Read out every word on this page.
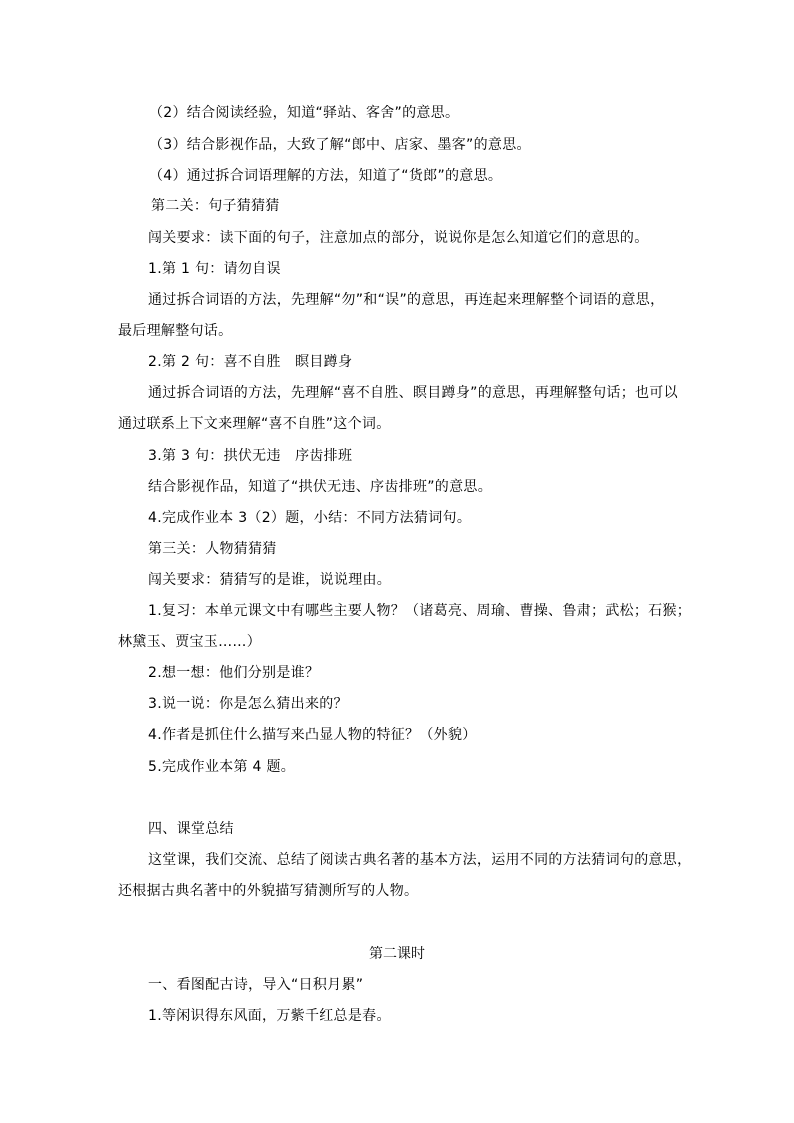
（2）结合阅读经验，知道“驿站、客舍”的意思。
（3）结合影视作品，大致了解“郎中、店家、墨客”的意思。
（4）通过拆合词语理解的方法，知道了“货郎”的意思。
第二关：句子猜猜猜
闯关要求：读下面的句子，注意加点的部分，说说你是怎么知道它们的意思的。
1.第 1 句：请勿自误
通过拆合词语的方法，先理解“勿”和“误”的意思，再连起来理解整个词语的意思，
最后理解整句话。
2.第 2 句：喜不自胜　瞑目蹲身
通过拆合词语的方法，先理解“喜不自胜、瞑目蹲身”的意思，再理解整句话；也可以
通过联系上下文来理解“喜不自胜”这个词。
3.第 3 句：拱伏无违　序齿排班
结合影视作品，知道了“拱伏无违、序齿排班”的意思。
4.完成作业本 3（2）题，小结：不同方法猜词句。
第三关：人物猜猜猜
闯关要求：猜猜写的是谁，说说理由。
1.复习：本单元课文中有哪些主要人物？（诸葛亮、周瑜、曹操、鲁肃；武松；石猴；
林黛玉、贾宝玉……）
2.想一想：他们分别是谁？
3.说一说：你是怎么猜出来的？
4.作者是抓住什么描写来凸显人物的特征？（外貌）
5.完成作业本第 4 题。
四、课堂总结
这堂课，我们交流、总结了阅读古典名著的基本方法，运用不同的方法猜词句的意思，
还根据古典名著中的外貌描写猜测所写的人物。
第二课时
一、看图配古诗，导入“日积月累”
1.等闲识得东风面，万紫千红总是春。
